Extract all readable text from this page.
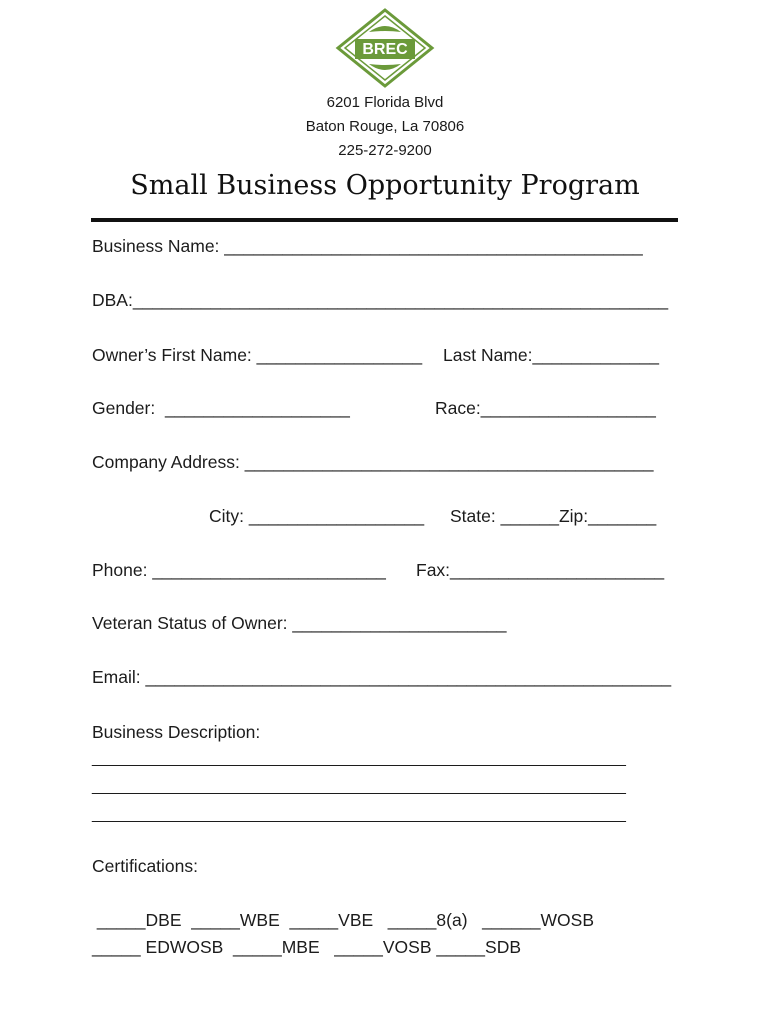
BREC
6201 Florida Blvd
Baton Rouge, La 70806
225-272-9200
Small Business Opportunity Program
Business Name: ___________________________________________
DBA:_______________________________________________________
Owner’s First Name: _________________ Last Name:_____________
Gender:  ___________________	Race:__________________
Company Address: __________________________________________
City: __________________ State: ______Zip:_______
Phone: ________________________ Fax:______________________
Veteran Status of Owner: ______________________
Email: ______________________________________________________
Business Description:
____________________________________________________________
____________________________________________________________
____________________________________________________________
Certifications:
_____DBE  _____WBE  _____VBE   _____8(a)   ______WOSB
_____ EDWOSB  _____MBE   _____VOSB _____SDB
